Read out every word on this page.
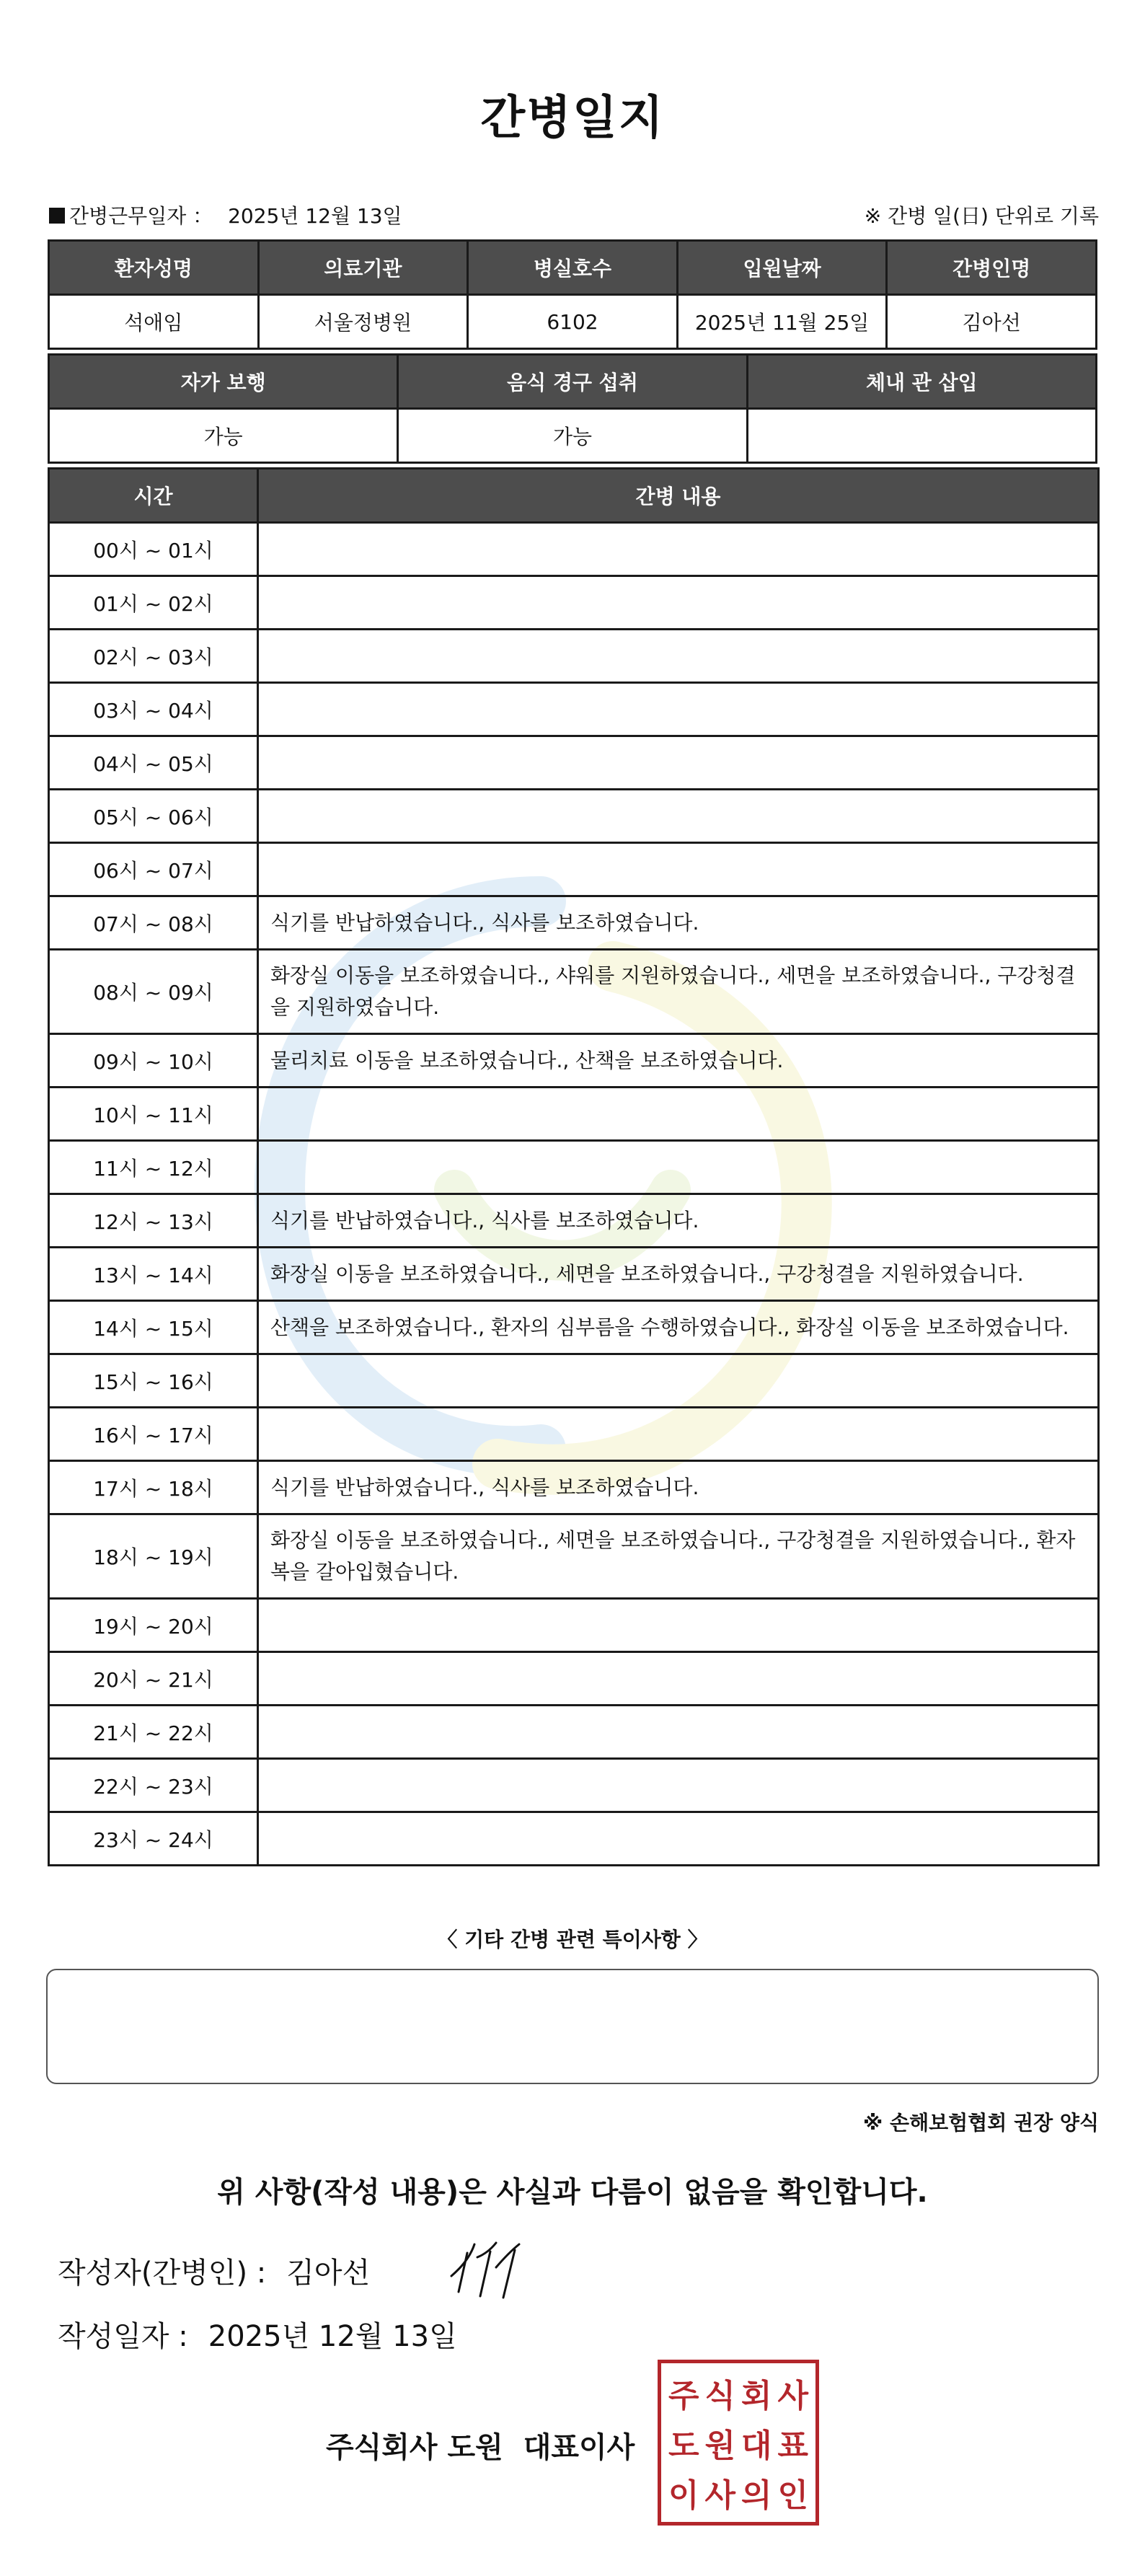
간병일지
간병근무일자 ： 2025년 12월 13일	※ 간병 일(日) 단위로 기록
환자성명	의료기관	병실호수	입원날짜	간병인명
석애임	서울정병원	6102	2025년 11월 25일	김아선
자가 보행	음식 경구 섭취	체내 관 삽입
가능	가능	
시간	간병 내용
00시 ~ 01시	
01시 ~ 02시	
02시 ~ 03시	
03시 ~ 04시	
04시 ~ 05시	
05시 ~ 06시	
06시 ~ 07시	
07시 ~ 08시	식기를 반납하였습니다., 식사를 보조하였습니다.
08시 ~ 09시	화장실 이동을 보조하였습니다., 샤워를 지원하였습니다., 세면을 보조하였습니다., 구강청결을 지원하였습니다.
09시 ~ 10시	물리치료 이동을 보조하였습니다., 산책을 보조하였습니다.
10시 ~ 11시	
11시 ~ 12시	
12시 ~ 13시	식기를 반납하였습니다., 식사를 보조하였습니다.
13시 ~ 14시	화장실 이동을 보조하였습니다., 세면을 보조하였습니다., 구강청결을 지원하였습니다.
14시 ~ 15시	산책을 보조하였습니다., 환자의 심부름을 수행하였습니다., 화장실 이동을 보조하였습니다.
15시 ~ 16시	
16시 ~ 17시	
17시 ~ 18시	식기를 반납하였습니다., 식사를 보조하였습니다.
18시 ~ 19시	화장실 이동을 보조하였습니다., 세면을 보조하였습니다., 구강청결을 지원하였습니다., 환자복을 갈아입혔습니다.
19시 ~ 20시	
20시 ~ 21시	
21시 ~ 22시	
22시 ~ 23시	
23시 ~ 24시	
〈 기타 간병 관련 특이사항 〉
※ 손해보험협회 권장 양식
위 사항(작성 내용)은 사실과 다름이 없음을 확인합니다.
작성자(간병인) : 김아선
작성일자 : 2025년 12월 13일
주식회사 도원 대표이사
주 식 회 사
도 원 대 표
이 사 의 인
